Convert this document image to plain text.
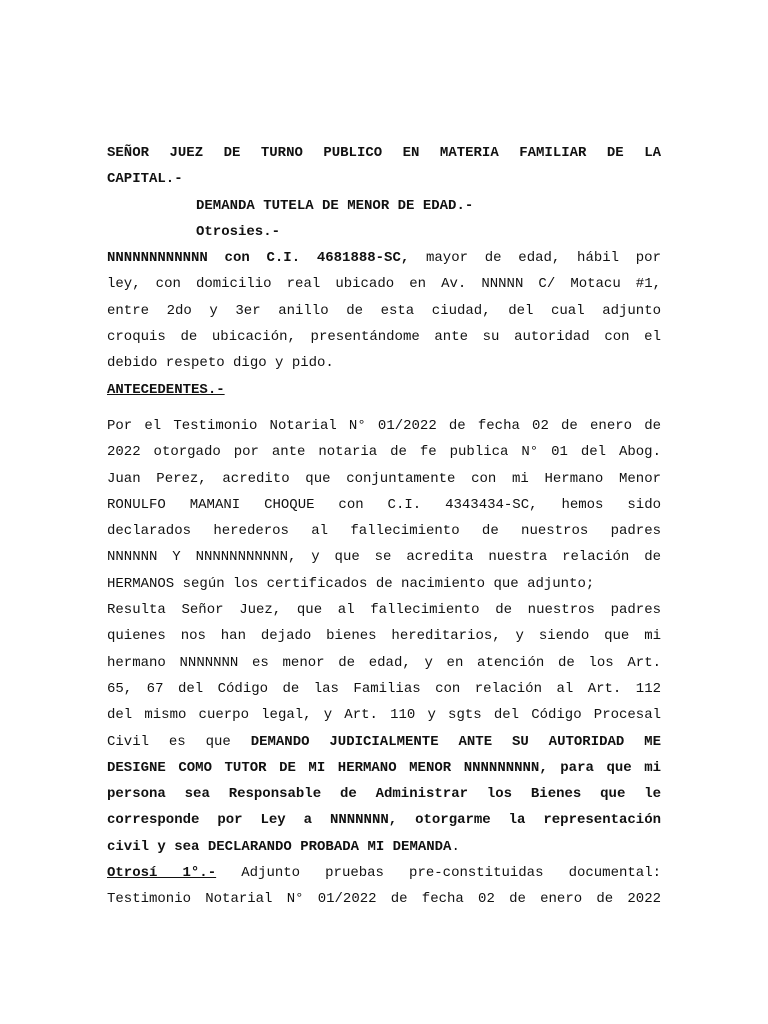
SEÑOR JUEZ DE TURNO PUBLICO EN MATERIA FAMILIAR DE LA

CAPITAL.-

DEMANDA TUTELA DE MENOR DE EDAD.-

Otrosies.-

NNNNNNNNNNNN con C.I. 4681888-SC, mayor de edad, hábil por

ley, con domicilio real ubicado en Av. NNNNN C/ Motacu #1,

entre 2do y 3er anillo de esta ciudad, del cual adjunto

croquis de ubicación, presentándome ante su autoridad con el

debido respeto digo y pido.

ANTECEDENTES.-

Por el Testimonio Notarial N° 01/2022 de fecha 02 de enero de

2022 otorgado por ante notaria de fe publica N° 01 del Abog.

Juan Perez, acredito que conjuntamente con mi Hermano Menor

RONULFO MAMANI CHOQUE con C.I. 4343434-SC, hemos sido

declarados herederos al fallecimiento de nuestros padres

NNNNNN Y NNNNNNNNNNN, y que se acredita nuestra relación de

HERMANOS según los certificados de nacimiento que adjunto;

Resulta Señor Juez, que al fallecimiento de nuestros padres

quienes nos han dejado bienes hereditarios, y siendo que mi

hermano NNNNNNN es menor de edad, y en atención de los Art.

65, 67 del Código de las Familias con relación al Art. 112

del mismo cuerpo legal, y Art. 110 y sgts del Código Procesal

Civil es que DEMANDO JUDICIALMENTE ANTE SU AUTORIDAD ME

DESIGNE COMO TUTOR DE MI HERMANO MENOR NNNNNNNNN, para que mi

persona sea Responsable de Administrar los Bienes que le

corresponde por Ley a NNNNNNN, otorgarme la representación

civil y sea DECLARANDO PROBADA MI DEMANDA.

Otrosí 1°.- Adjunto pruebas pre-constituidas documental:

Testimonio Notarial N° 01/2022 de fecha 02 de enero de 2022
